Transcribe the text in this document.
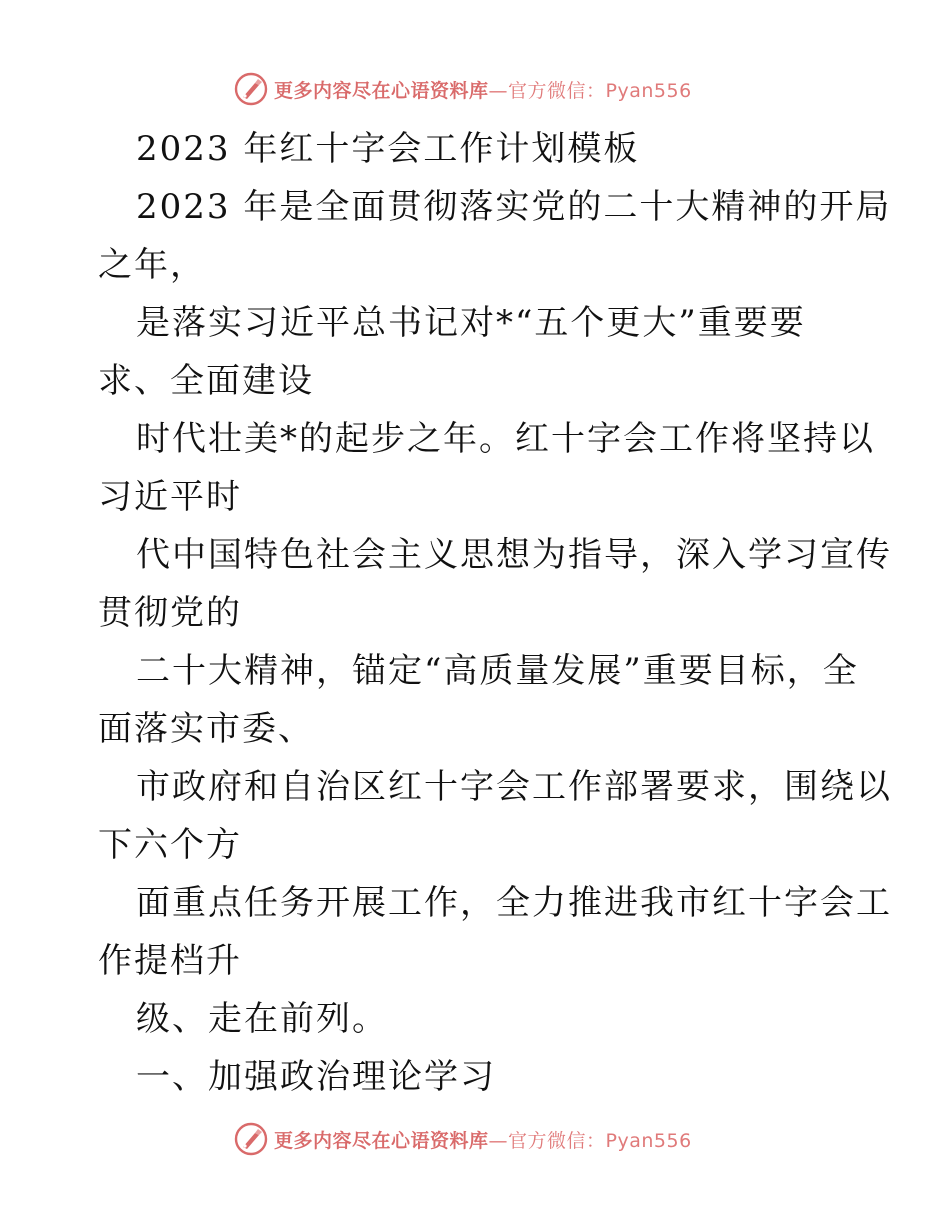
更多内容尽在心语资料库—官方微信：Pyan556

2023 年红十字会工作计划模板

2023 年是全面贯彻落实党的二十大精神的开局

之年，

是落实习近平总书记对*“五个更大”重要要

求、全面建设

时代壮美*的起步之年。红十字会工作将坚持以

习近平时

代中国特色社会主义思想为指导，深入学习宣传

贯彻党的

二十大精神，锚定“高质量发展”重要目标，全

面落实市委、

市政府和自治区红十字会工作部署要求，围绕以

下六个方

面重点任务开展工作，全力推进我市红十字会工

作提档升

级、走在前列。

一、加强政治理论学习

更多内容尽在心语资料库—官方微信：Pyan556
